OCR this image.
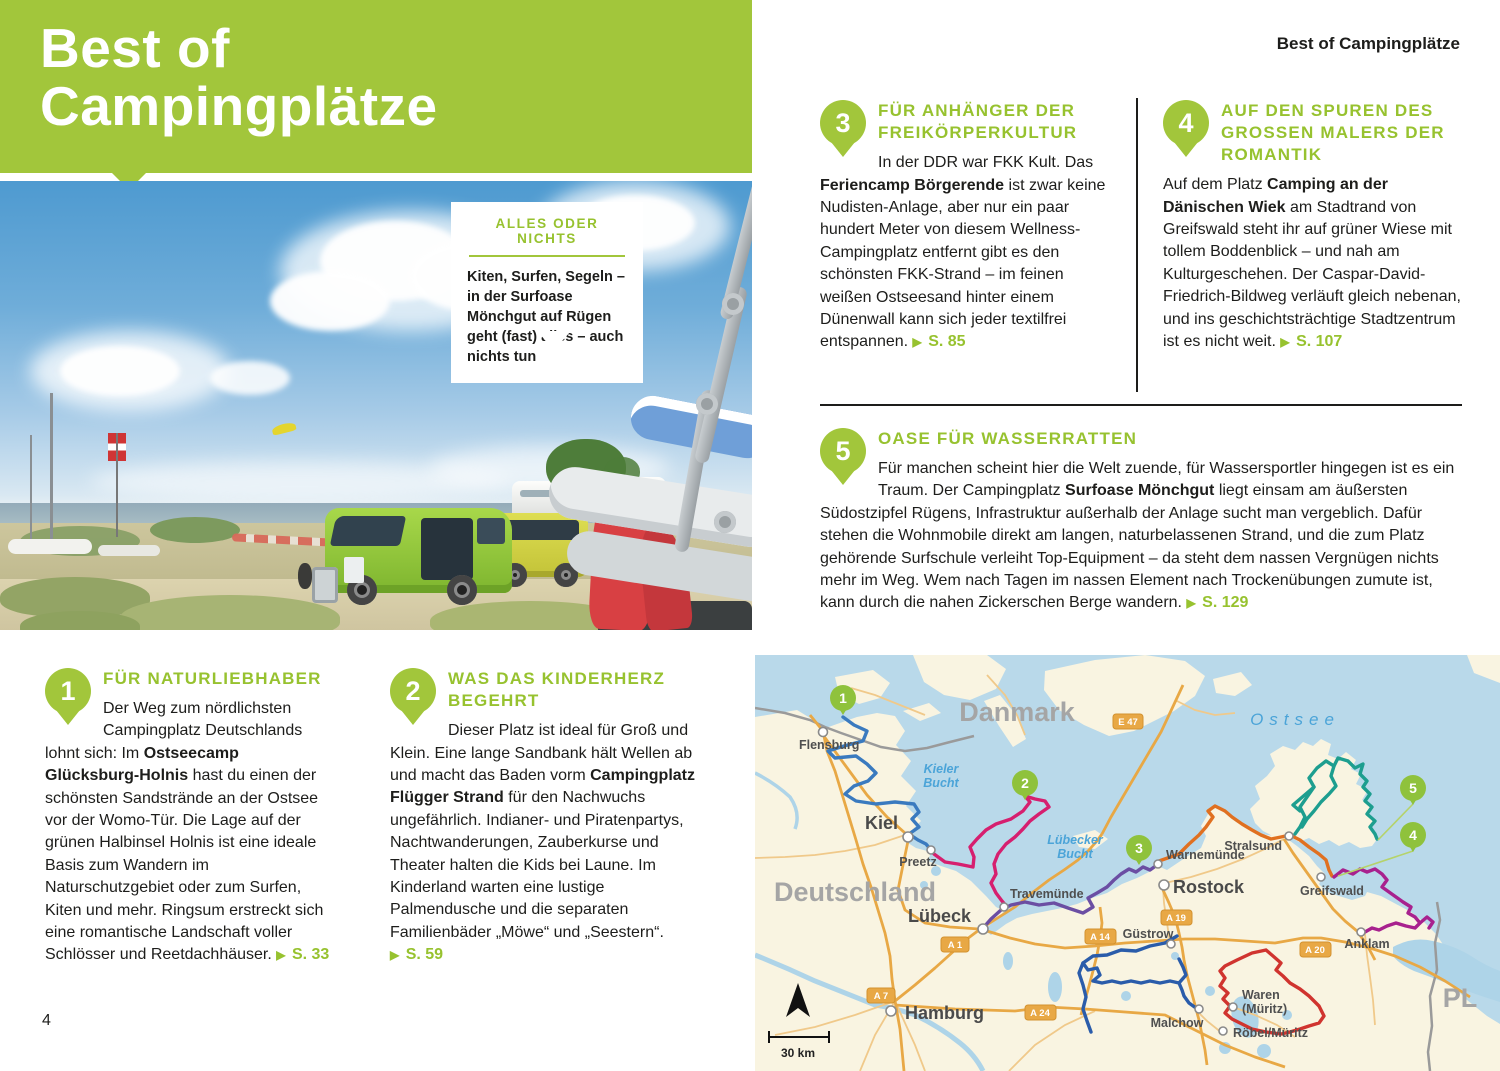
Best of
Campingplätze
Best of Campingplätze
ALLES ODER NICHTS

Kiten, Surfen, Segeln – in der Surfoase Mönchgut auf Rügen geht (fast) alles – auch nichts tun

3	FÜR ANHÄNGER DER FREIKÖRPERKULTUR

In der DDR war FKK Kult. Das Feriencamp Börgerende ist zwar keine Nudisten-Anlage, aber nur ein paar hundert Meter von diesem Wellness-Campingplatz entfernt gibt es den schönsten FKK-Strand – im feinen weißen Ostseesand hinter einem Dünenwall kann sich jeder textilfrei entspannen. ▶ S. 85

4	AUF DEN SPUREN DES GROSSEN MALERS DER ROMANTIK

Auf dem Platz Camping an der Dänischen Wiek am Stadtrand von Greifswald steht ihr auf grüner Wiese mit tollem Boddenblick – und nah am Kulturgeschehen. Der Caspar-David-Friedrich-Bildweg verläuft gleich nebenan, und ins geschichtsträchtige Stadtzentrum ist es nicht weit. ▶ S. 107

5	OASE FÜR WASSERRATTEN

Für manchen scheint hier die Welt zuende, für Wassersportler hingegen ist es ein Traum. Der Campingplatz Surfoase Mönchgut liegt einsam am äußersten Südostzipfel Rügens, Infrastruktur außerhalb der Anlage sucht man vergeblich. Dafür stehen die Wohnmobile direkt am langen, naturbelassenen Strand, und die zum Platz gehörende Surfschule verleiht Top-Equipment – da steht dem nassen Vergnügen nichts mehr im Weg. Wem nach Tagen im nassen Element nach Trockenübungen zumute ist, kann durch die nahen Zickerschen Berge wandern. ▶ S. 129

1	FÜR NATURLIEBHABER

Der Weg zum nördlichsten Campingplatz Deutschlands lohnt sich: Im Ostseecamp Glücksburg-Holnis hast du einen der schönsten Sandstrände an der Ostsee vor der Womo-Tür. Die Lage auf der grünen Halbinsel Holnis ist eine ideale Basis zum Wandern im Naturschutzgebiet oder zum Surfen, Kiten und mehr. Ringsum erstreckt sich eine romantische Landschaft voller Schlösser und Reetdachhäuser. ▶ S. 33

2	WAS DAS KINDERHERZ BEGEHRT

Dieser Platz ist ideal für Groß und Klein. Eine lange Sandbank hält Wellen ab und macht das Baden vorm Campingplatz Flügger Strand für den Nachwuchs ungefährlich. Indianer- und Piratenpartys, Nachtwanderungen, Zauberkurse und Theater halten die Kids bei Laune. Im Kinderland warten eine lustige Palmendusche und die separaten Familienbäder „Möwe“ und „Seestern“. ▶ S. 59

4
E 47
A 1
A 7
A 24
A 14
A 19
A 20
Danmark
Deutschland
PL
Ostsee
Kieler
Bucht
Lübecker
Bucht
Flensburg
Kiel
Preetz
Lübeck
Travemünde
Hamburg
Warnemünde
Rostock
Stralsund
Greifswald
Anklam
Güstrow
Malchow
Waren
(Müritz)
Röbel/Müritz
1
2
3
4
5
30 km
